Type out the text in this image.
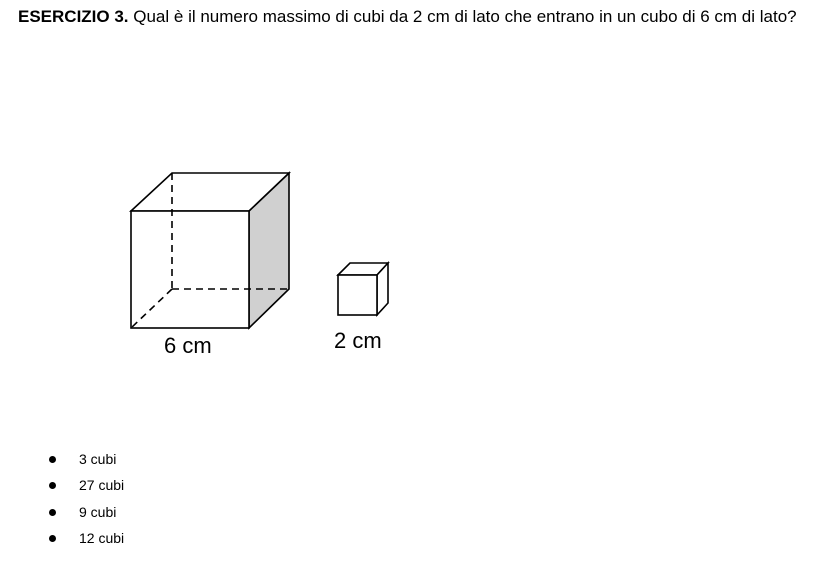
ESERCIZIO 3. Qual è il numero massimo di cubi da 2 cm di lato che entrano in un cubo di 6 cm di lato?
6 cm	2 cm
3 cubi
27 cubi
9 cubi
12 cubi
